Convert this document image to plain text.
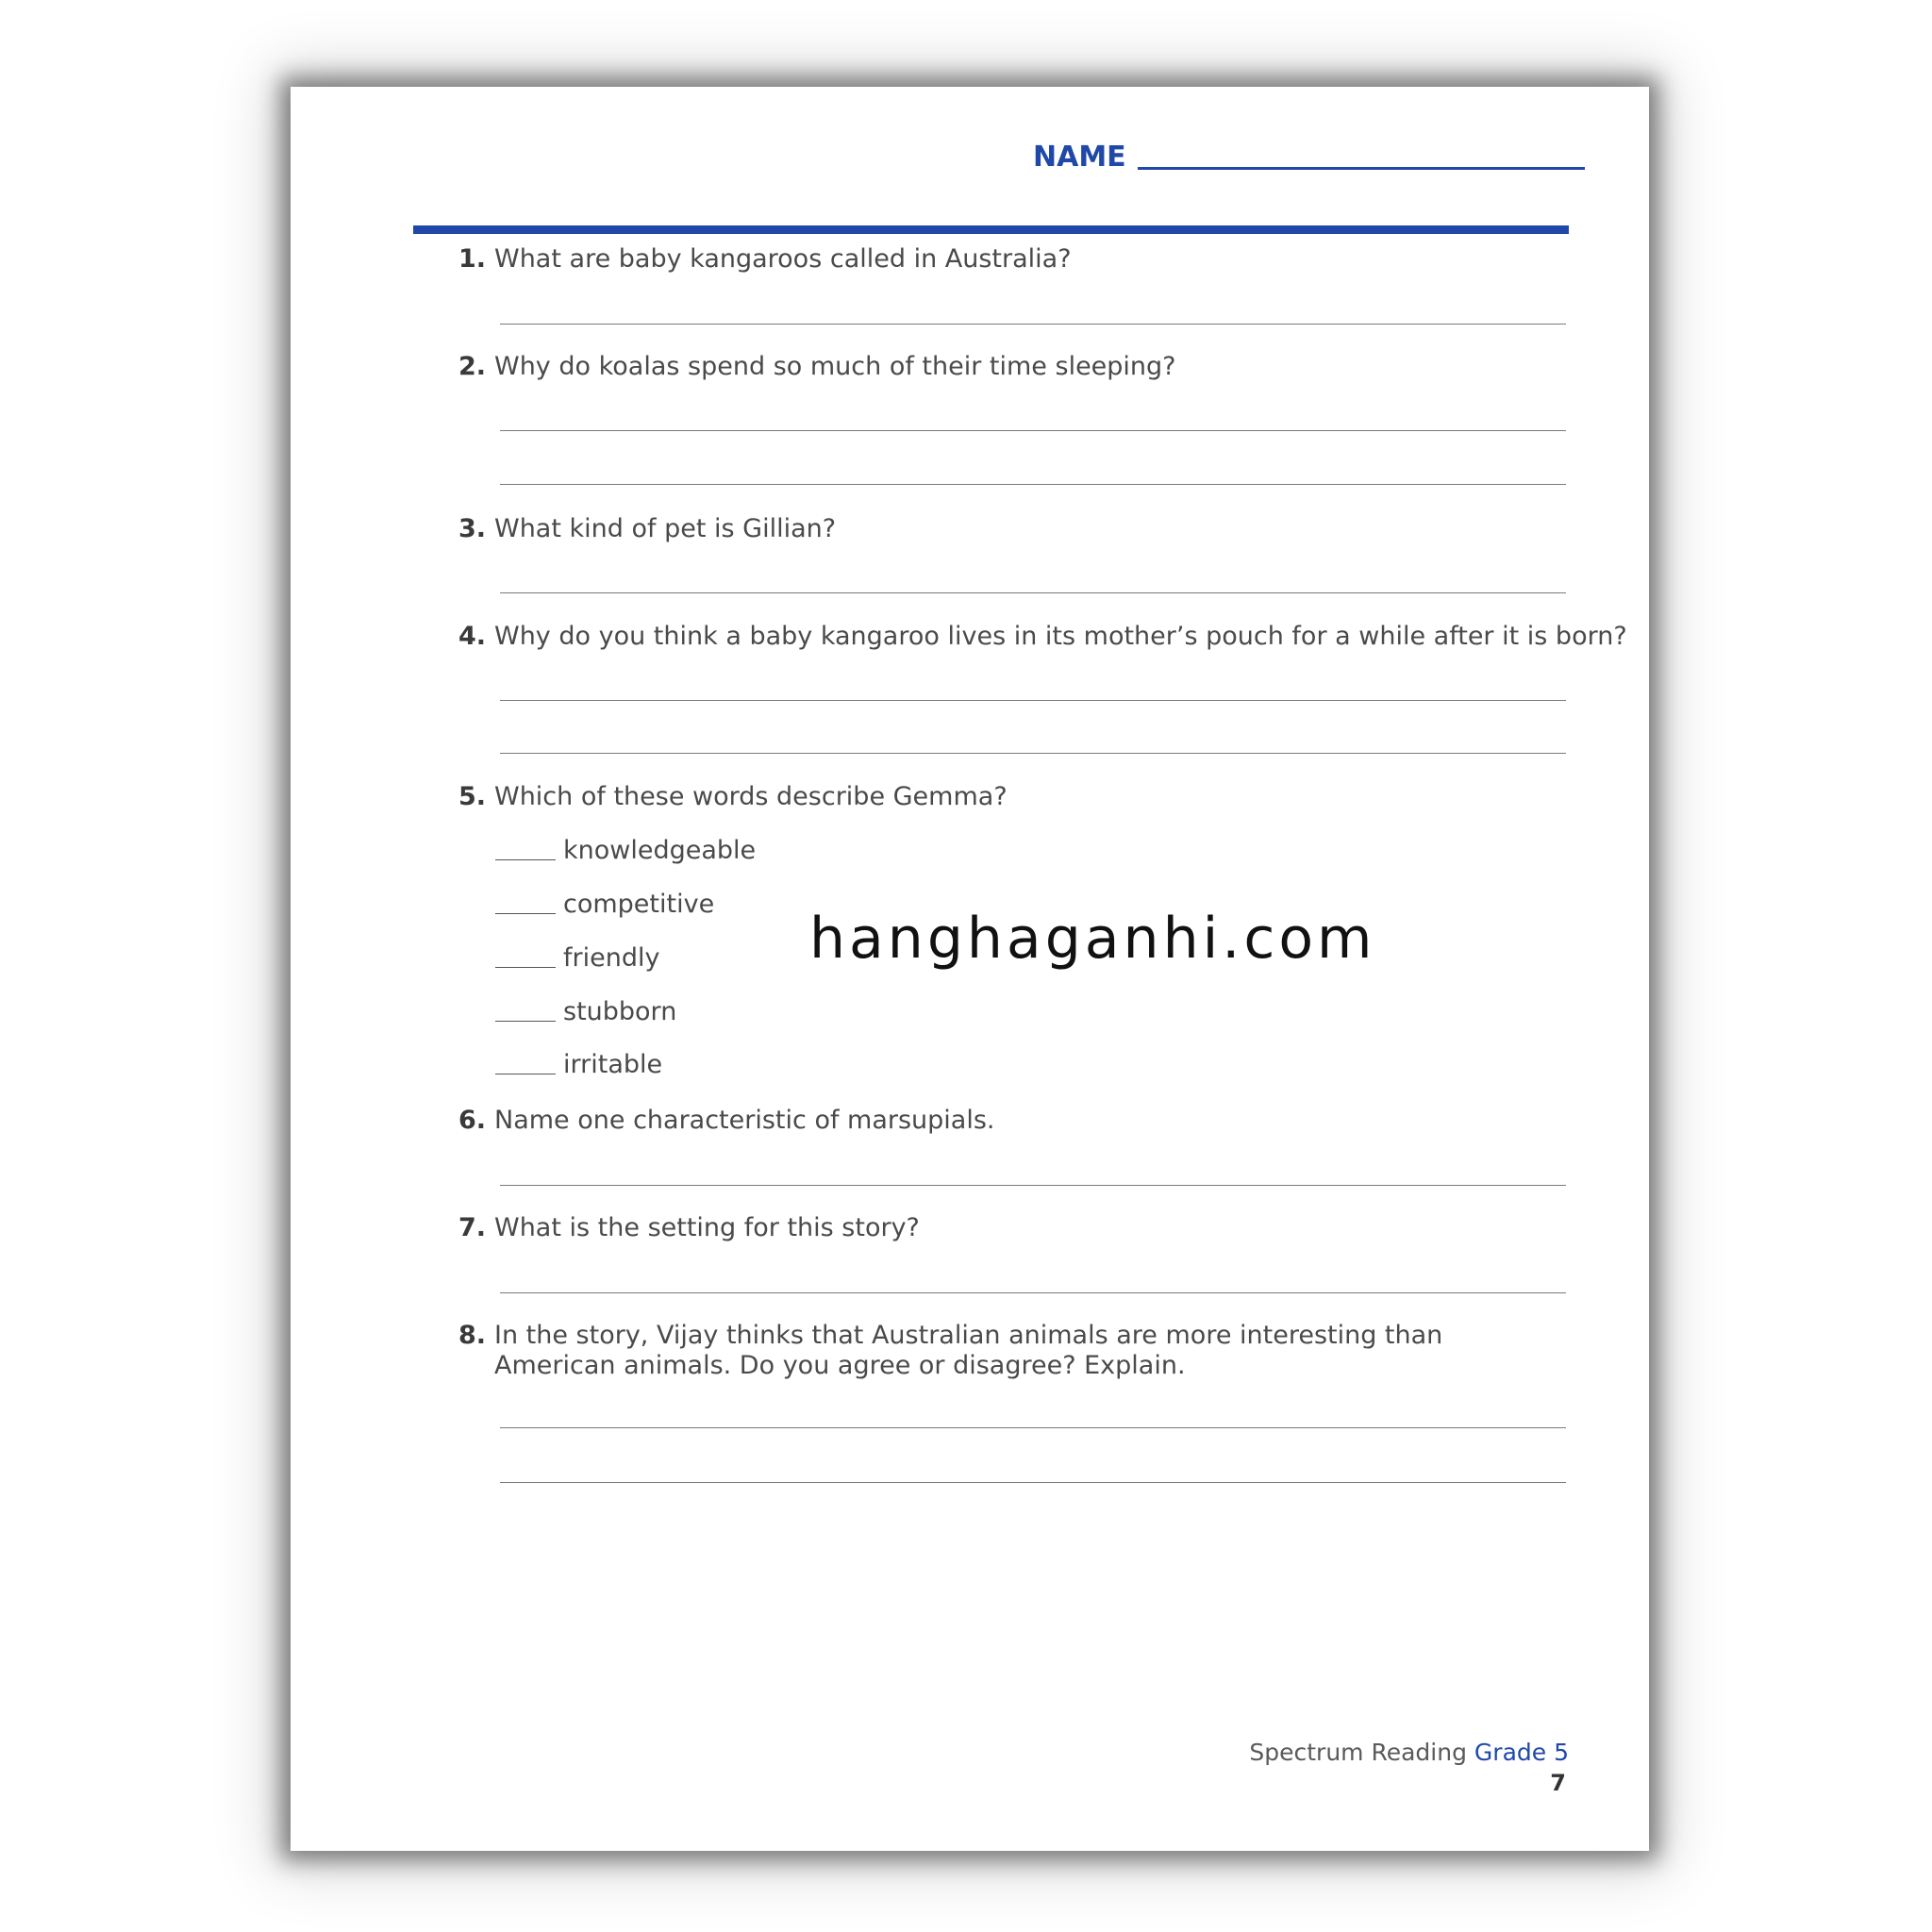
NAME
1. What are baby kangaroos called in Australia?
2. Why do koalas spend so much of their time sleeping?
3. What kind of pet is Gillian?
4. Why do you think a baby kangaroo lives in its mother’s pouch for a while after it is born?
5. Which of these words describe Gemma?
knowledgeable
competitive
friendly
stubborn
irritable
6. Name one characteristic of marsupials.
7. What is the setting for this story?
8. In the story, Vijay thinks that Australian animals are more interesting than American animals. Do you agree or disagree? Explain.
hanghaganhi.com
Spectrum Reading Grade 5
7
